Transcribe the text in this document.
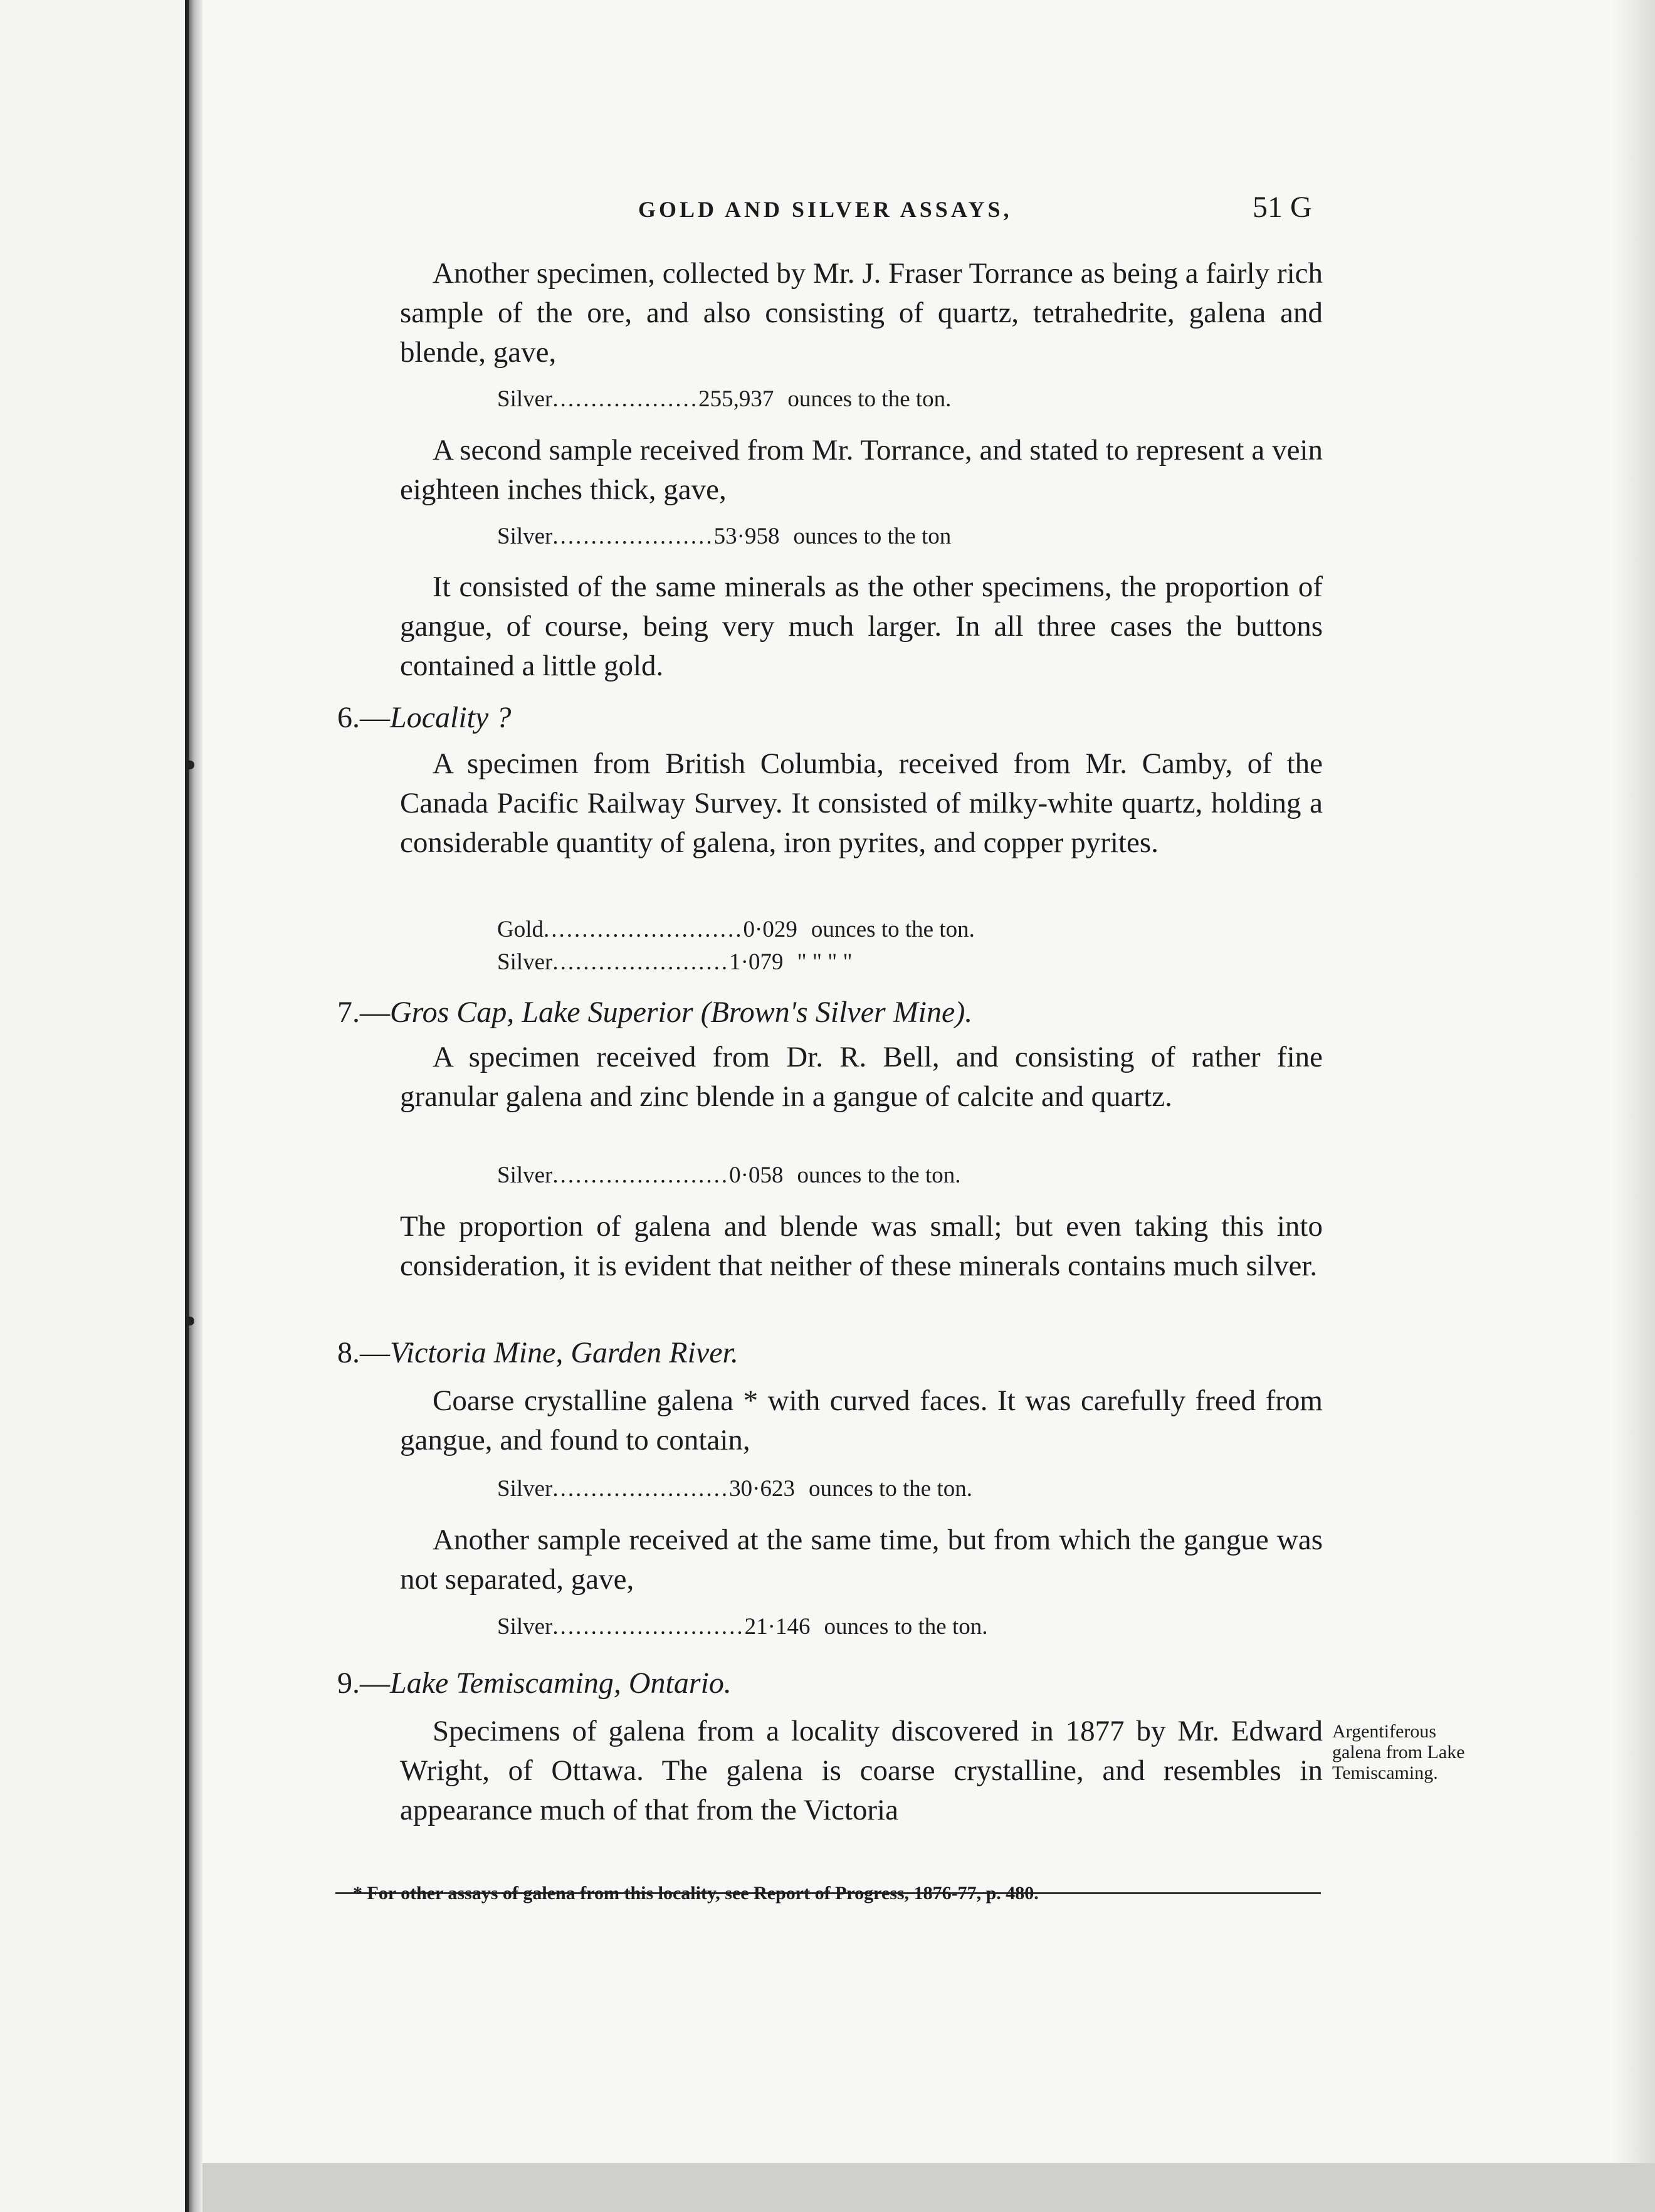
GOLD AND SILVER ASSAYS,	51 G

Another specimen, collected by Mr. J. Fraser Torrance as being a fairly rich sample of the ore, and also consisting of quartz, tetrahedrite, galena and blende, gave,

Silver ................... 255,937 ounces to the ton.

A second sample received from Mr. Torrance, and stated to represent a vein eighteen inches thick, gave,

Silver ..................... 53·958 ounces to the ton

It consisted of the same minerals as the other specimens, the proportion of gangue, of course, being very much larger. In all three cases the buttons contained a little gold.

6.—Locality ?

A specimen from British Columbia, received from Mr. Camby, of the Canada Pacific Railway Survey. It consisted of milky-white quartz, holding a considerable quantity of galena, iron pyrites, and copper pyrites.

Gold .......................... 0·029 ounces to the ton.
Silver ....................... 1·079 " " " "
7.—Gros Cap, Lake Superior (Brown's Silver Mine).

A specimen received from Dr. R. Bell, and consisting of rather fine granular galena and zinc blende in a gangue of calcite and quartz.

Silver ....................... 0·058 ounces to the ton.

The proportion of galena and blende was small; but even taking this into consideration, it is evident that neither of these minerals contains much silver.

8.—Victoria Mine, Garden River.

Coarse crystalline galena * with curved faces. It was carefully freed from gangue, and found to contain,

Silver ....................... 30·623 ounces to the ton.

Another sample received at the same time, but from which the gangue was not separated, gave,

Silver ......................... 21·146 ounces to the ton.
9.—Lake Temiscaming, Ontario.

Specimens of galena from a locality discovered in 1877 by Mr. Edward Wright, of Ottawa. The galena is coarse crystalline, and resembles in appearance much of that from the Victoria

Argentiferous galena from Lake Temiscaming.
* For other assays of galena from this locality, see Report of Progress, 1876-77, p. 480.
